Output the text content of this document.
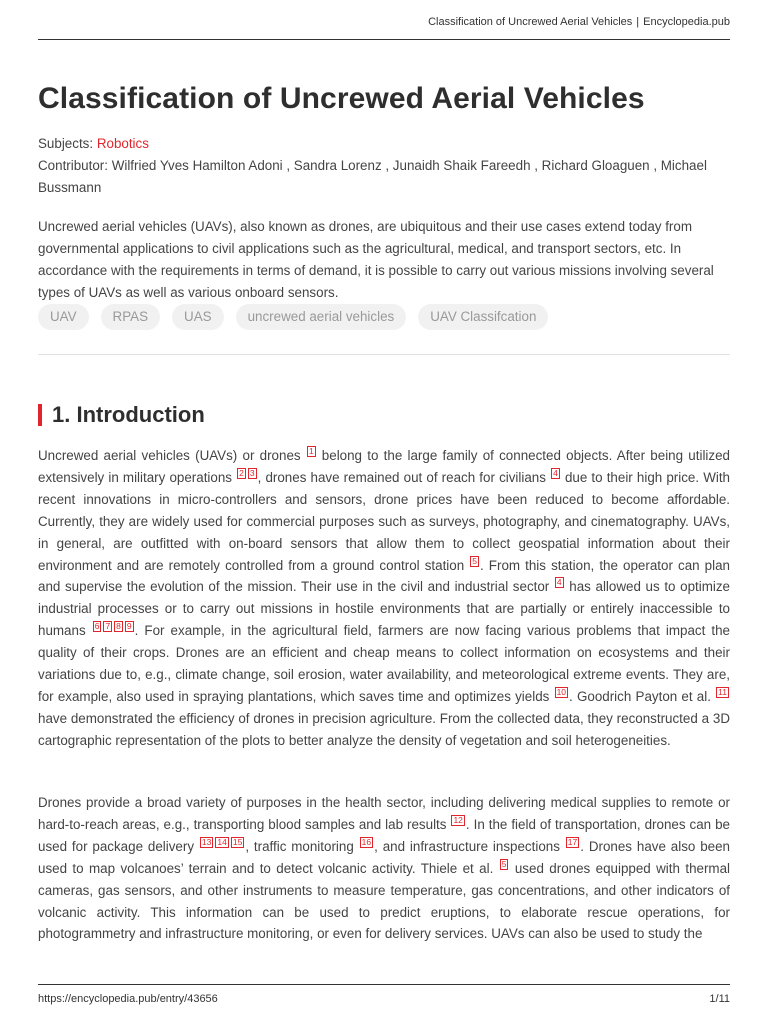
Classification of Uncrewed Aerial Vehicles | Encyclopedia.pub
Classification of Uncrewed Aerial Vehicles
Subjects: Robotics
Contributor: Wilfried Yves Hamilton Adoni , Sandra Lorenz , Junaidh Shaik Fareedh , Richard Gloaguen , Michael Bussmann

Uncrewed aerial vehicles (UAVs), also known as drones, are ubiquitous and their use cases extend today from governmental applications to civil applications such as the agricultural, medical, and transport sectors, etc. In accordance with the requirements in terms of demand, it is possible to carry out various missions involving several types of UAVs as well as various onboard sensors.

UAV	RPAS	UAS	uncrewed aerial vehicles	UAV Classifcation
1. Introduction

Uncrewed aerial vehicles (UAVs) or drones 1 belong to the large family of connected objects. After being utilized extensively in military operations 2 3 , drones have remained out of reach for civilians 4 due to their high price. With recent innovations in micro-controllers and sensors, drone prices have been reduced to become affordable. Currently, they are widely used for commercial purposes such as surveys, photography, and cinematography. UAVs, in general, are outfitted with on-board sensors that allow them to collect geospatial information about their environment and are remotely controlled from a ground control station 5 . From this station, the operator can plan and supervise the evolution of the mission. Their use in the civil and industrial sector 4 has allowed us to optimize industrial processes or to carry out missions in hostile environments that are partially or entirely inaccessible to humans 6 7 8 9 . For example, in the agricultural field, farmers are now facing various problems that impact the quality of their crops. Drones are an efficient and cheap means to collect information on ecosystems and their variations due to, e.g., climate change, soil erosion, water availability, and meteorological extreme events. They are, for example, also used in spraying plantations, which saves time and optimizes yields 10 . Goodrich Payton et al. 11 have demonstrated the efficiency of drones in precision agriculture. From the collected data, they reconstructed a 3D cartographic representation of the plots to better analyze the density of vegetation and soil heterogeneities.

Drones provide a broad variety of purposes in the health sector, including delivering medical supplies to remote or hard-to-reach areas, e.g., transporting blood samples and lab results 12 . In the field of transportation, drones can be used for package delivery 13 14 15 , traffic monitoring 16 , and infrastructure inspections 17 . Drones have also been used to map volcanoes’ terrain and to detect volcanic activity. Thiele et al. 5 used drones equipped with thermal cameras, gas sensors, and other instruments to measure temperature, gas concentrations, and other indicators of volcanic activity. This information can be used to predict eruptions, to elaborate rescue operations, for photogrammetry and infrastructure monitoring, or even for delivery services. UAVs can also be used to study the

https://encyclopedia.pub/entry/43656	1/11
